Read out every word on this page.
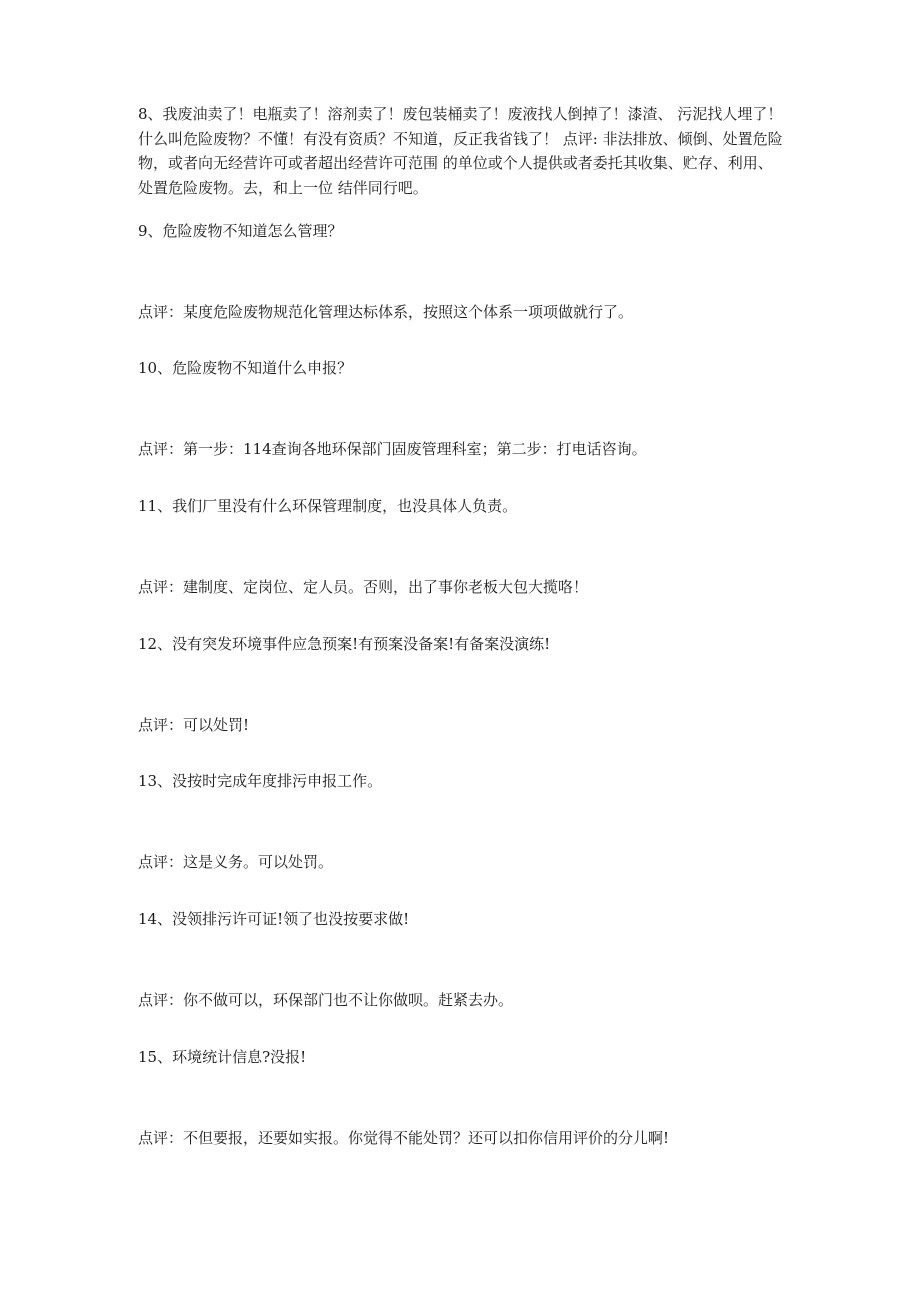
8、我废油卖了！电瓶卖了！溶剂卖了！废包装桶卖了！废液找人倒掉了！漆渣、 污泥找人埋了！什么叫危险废物？不懂！有没有资质？不知道，反正我省钱了！ 点评: 非法排放、倾倒、处置危险物，或者向无经营许可或者超出经营许可范围 的单位或个人提供或者委托其收集、贮存、利用、处置危险废物。去，和上一位 结伴同行吧。

9、危险废物不知道怎么管理？

点评：某度危险废物规范化管理达标体系，按照这个体系一项项做就行了。

10、危险废物不知道什么申报？

点评：第一步：114查询各地环保部门固废管理科室；第二步：打电话咨询。

11、我们厂里没有什么环保管理制度，也没具体人负责。

点评：建制度、定岗位、定人员。否则，出了事你老板大包大揽咯！

12、没有突发环境事件应急预案!有预案没备案!有备案没演练!

点评：可以处罚!

13、没按时完成年度排污申报工作。

点评：这是义务。可以处罚。

14、没领排污许可证!领了也没按要求做!

点评：你不做可以，环保部门也不让你做呗。赶紧去办。

15、环境统计信息?没报!

点评：不但要报，还要如实报。你觉得不能处罚？还可以扣你信用评价的分儿啊!
